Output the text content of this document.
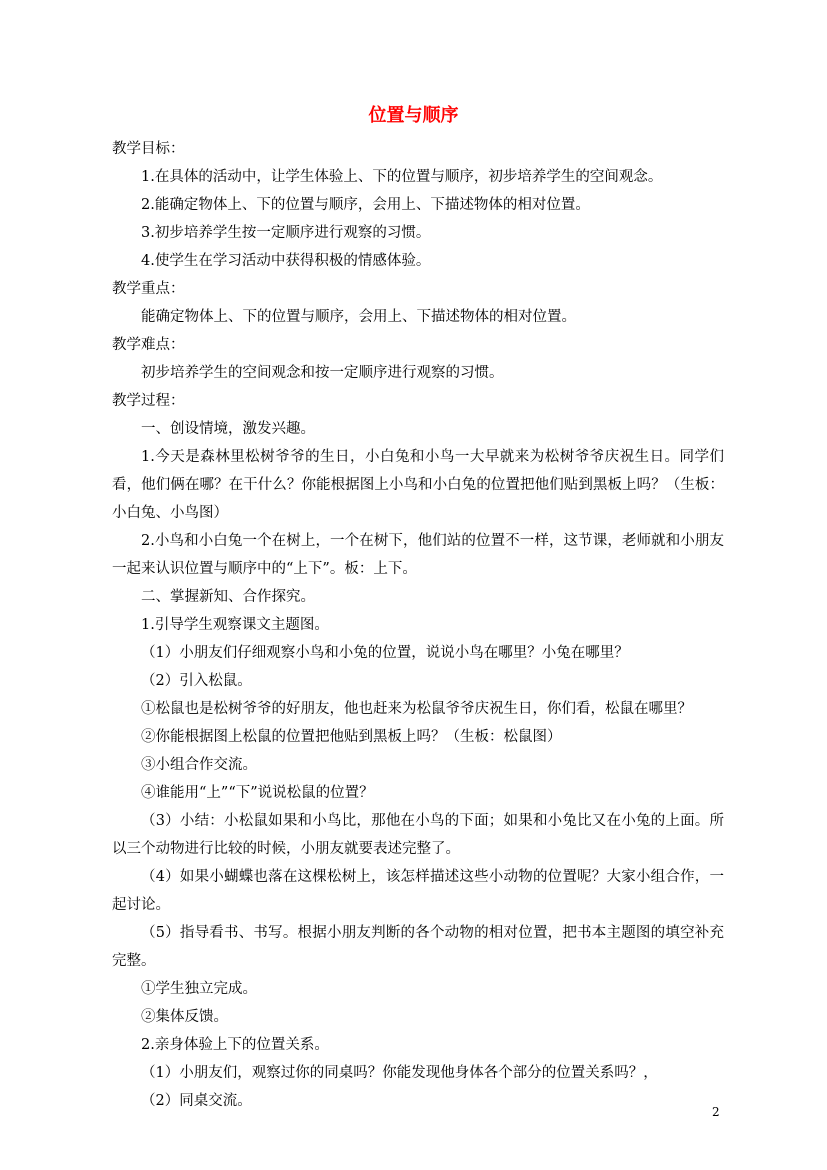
位置与顺序

教学目标：

1.在具体的活动中，让学生体验上、下的位置与顺序，初步培养学生的空间观念。

2.能确定物体上、下的位置与顺序，会用上、下描述物体的相对位置。

3.初步培养学生按一定顺序进行观察的习惯。

4.使学生在学习活动中获得积极的情感体验。

教学重点：

能确定物体上、下的位置与顺序，会用上、下描述物体的相对位置。

教学难点：

初步培养学生的空间观念和按一定顺序进行观察的习惯。

教学过程：

一、创设情境，激发兴趣。

1.今天是森林里松树爷爷的生日，小白兔和小鸟一大早就来为松树爷爷庆祝生日。同学们看，他们俩在哪？在干什么？你能根据图上小鸟和小白兔的位置把他们贴到黑板上吗？（生板：小白兔、小鸟图）

2.小鸟和小白兔一个在树上，一个在树下，他们站的位置不一样，这节课，老师就和小朋友一起来认识位置与顺序中的“上下”。板：上下。

二、掌握新知、合作探究。

1.引导学生观察课文主题图。

（1）小朋友们仔细观察小鸟和小兔的位置，说说小鸟在哪里？小兔在哪里？

（2）引入松鼠。

①松鼠也是松树爷爷的好朋友，他也赶来为松鼠爷爷庆祝生日，你们看，松鼠在哪里？

②你能根据图上松鼠的位置把他贴到黑板上吗？（生板：松鼠图）

③小组合作交流。

④谁能用“上”“下”说说松鼠的位置？

（3）小结：小松鼠如果和小鸟比，那他在小鸟的下面；如果和小兔比又在小兔的上面。所以三个动物进行比较的时候，小朋友就要表述完整了。

（4）如果小蝴蝶也落在这棵松树上，该怎样描述这些小动物的位置呢？大家小组合作，一起讨论。

（5）指导看书、书写。根据小朋友判断的各个动物的相对位置，把书本主题图的填空补充完整。

①学生独立完成。

②集体反馈。

2.亲身体验上下的位置关系。

（1）小朋友们，观察过你的同桌吗？你能发现他身体各个部分的位置关系吗？，

（2）同桌交流。

2
